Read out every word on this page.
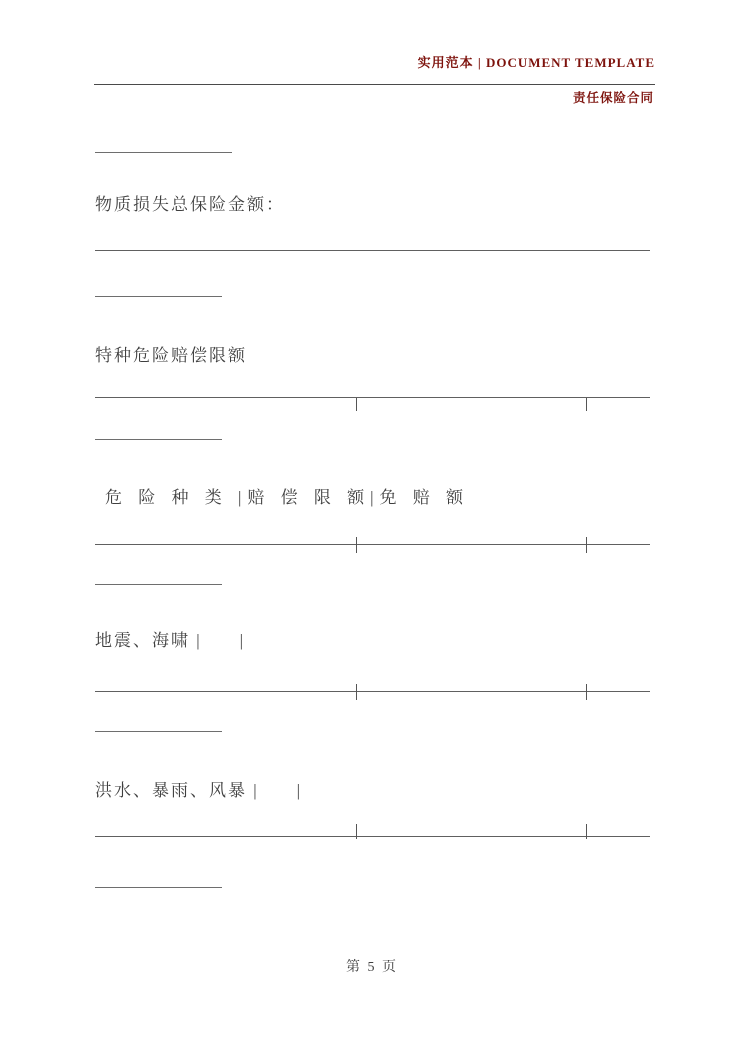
实用范本 | DOCUMENT TEMPLATE
责任保险合同
物质损失总保险金额：
特种危险赔偿限额
危 险 种 类 |赔 偿 限 额|免 赔 额
地震、海啸 |　　|
洪水、暴雨、风暴 |　　|
第 5 页
